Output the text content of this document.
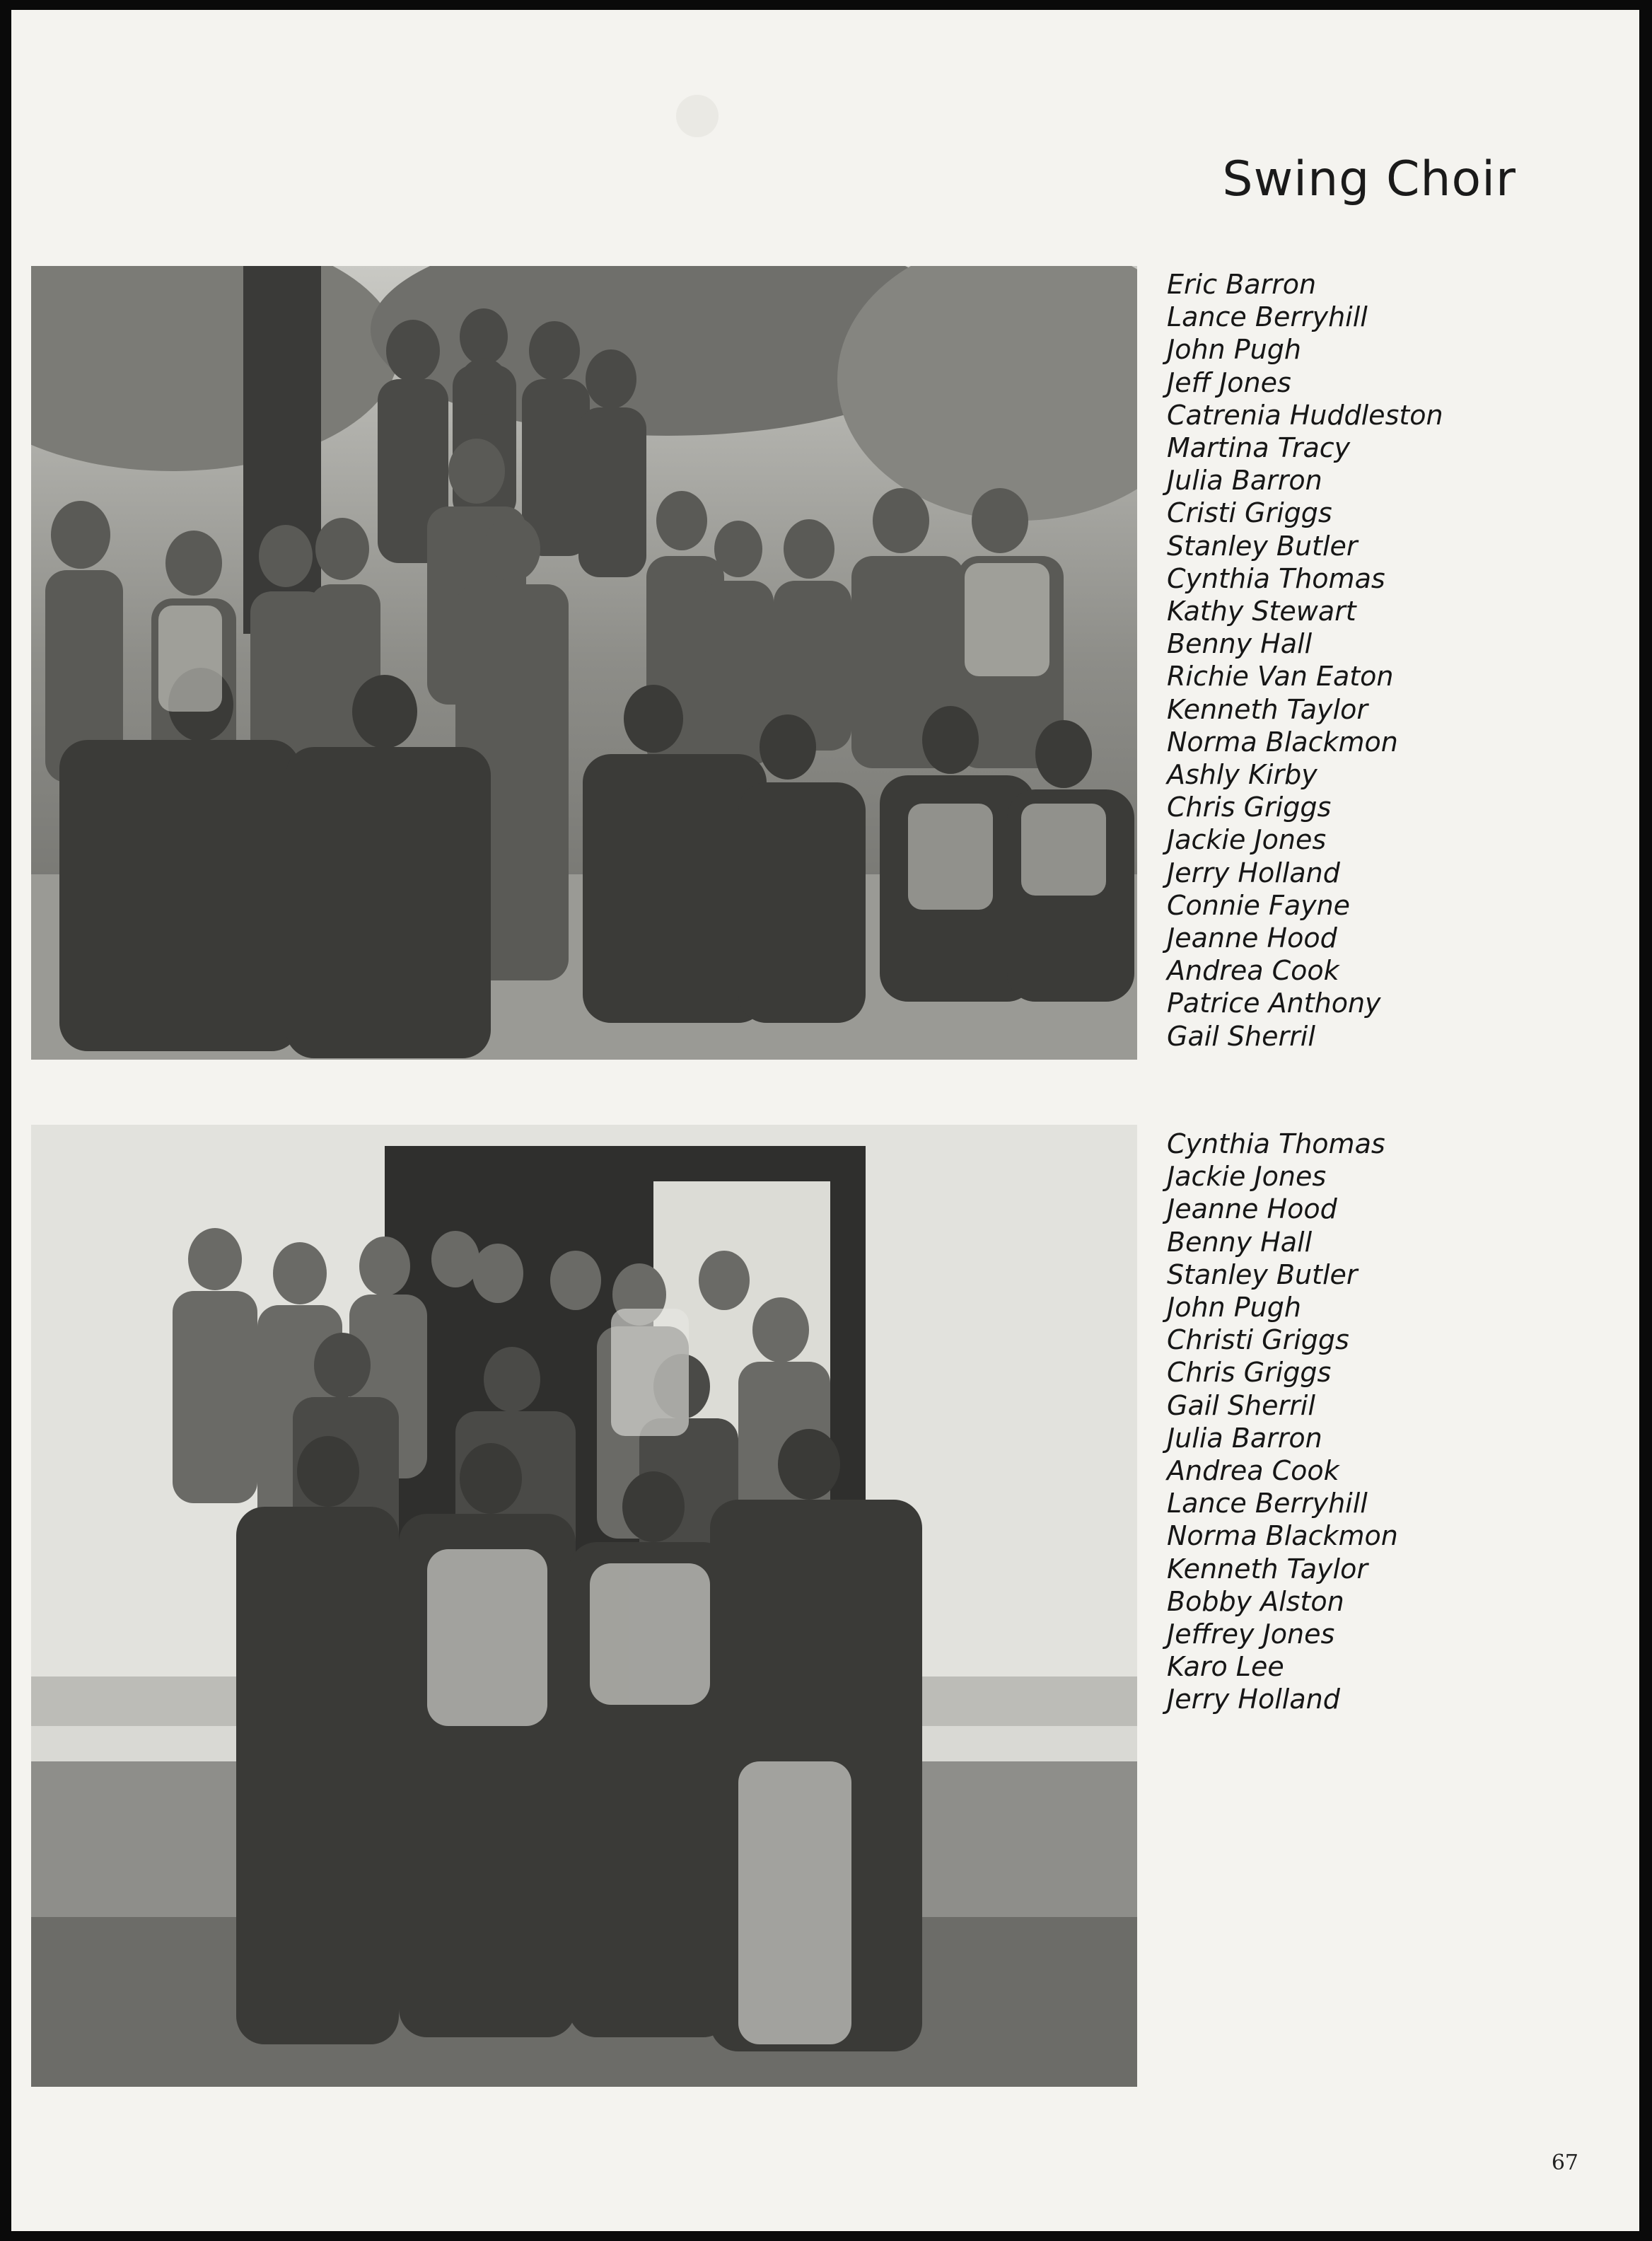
Swing Choir
Eric Barron
Lance Berryhill
John Pugh
Jeff Jones
Catrenia Huddleston
Martina Tracy
Julia Barron
Cristi Griggs
Stanley Butler
Cynthia Thomas
Kathy Stewart
Benny Hall
Richie Van Eaton
Kenneth Taylor
Norma Blackmon
Ashly Kirby
Chris Griggs
Jackie Jones
Jerry Holland
Connie Fayne
Jeanne Hood
Andrea Cook
Patrice Anthony
Gail Sherril
Cynthia Thomas
Jackie Jones
Jeanne Hood
Benny Hall
Stanley Butler
John Pugh
Christi Griggs
Chris Griggs
Gail Sherril
Julia Barron
Andrea Cook
Lance Berryhill
Norma Blackmon
Kenneth Taylor
Bobby Alston
Jeffrey Jones
Karo Lee
Jerry Holland
67
